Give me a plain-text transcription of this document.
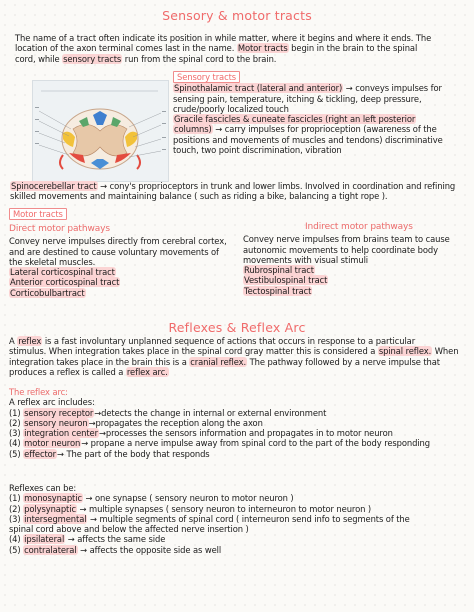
Sensory & motor tracts
The name of a tract often indicate its position in while matter, where it begins and where it ends. The
location of the axon terminal comes last in the name. Motor tracts begin in the brain to the spinal
cord, while sensory tracts run from the spinal cord to the brain.
Sensory tracts
Spinothalamic tract (lateral and anterior) → conveys impulses for
sensing pain, temperature, itching & tickling, deep pressure,
crude/poorly localized touch
Gracile fascicles & cuneate fascicles (right an left posterior
columns) → carry impulses for proprioception (awareness of the
positions and movements of muscles and tendons) discriminative
touch, two point discrimination, vibration
Spinocerebellar tract → cony's proprioceptors in trunk and lower limbs. Involved in coordination and refining
skilled movements and maintaining balance ( such as riding a bike, balancing a tight rope ).
Motor tracts
Direct motor pathways
Convey nerve impulses directly from cerebral cortex,
and are destined to cause voluntary movements of
the skeletal muscles.
Lateral corticospinal tract
Anterior corticospinal tract
Corticobulbartract
Indirect motor pathways
Convey nerve impulses from brains team to cause
autonomic movements to help coordinate body
movements with visual stimuli
Rubrospinal tract
Vestibulospinal tract
Tectospinal tract
Reflexes & Reflex Arc
A reflex is a fast involuntary unplanned sequence of actions that occurs in response to a particular
stimulus. When integration takes place in the spinal cord gray matter this is considered a spinal reflex. When
integration takes place in the brain this is a cranial reflex. The pathway followed by a nerve impulse that
produces a reflex is called a reflex arc.
The reflex arc:
A reflex arc includes:
(1) sensory receptor→detects the change in internal or external environment
(2) sensory neuron→propagates the reception along the axon
(3) integration center→processes the sensors information and propagates in to motor neuron
(4) motor neuron→ propane a nerve impulse away from spinal cord to the part of the body responding
(5) effector→ The part of the body that responds
Reflexes can be:
(1) monosynaptic → one synapse ( sensory neuron to motor neuron )
(2) polysynaptic → multiple synapses ( sensory neuron to interneuron to motor neuron )
(3) intersegmental → multiple segments of spinal cord ( interneuron send info to segments of the
spinal cord above and below the affected nerve insertion )
(4) ipsilateral → affects the same side
(5) contralateral → affects the opposite side as well
